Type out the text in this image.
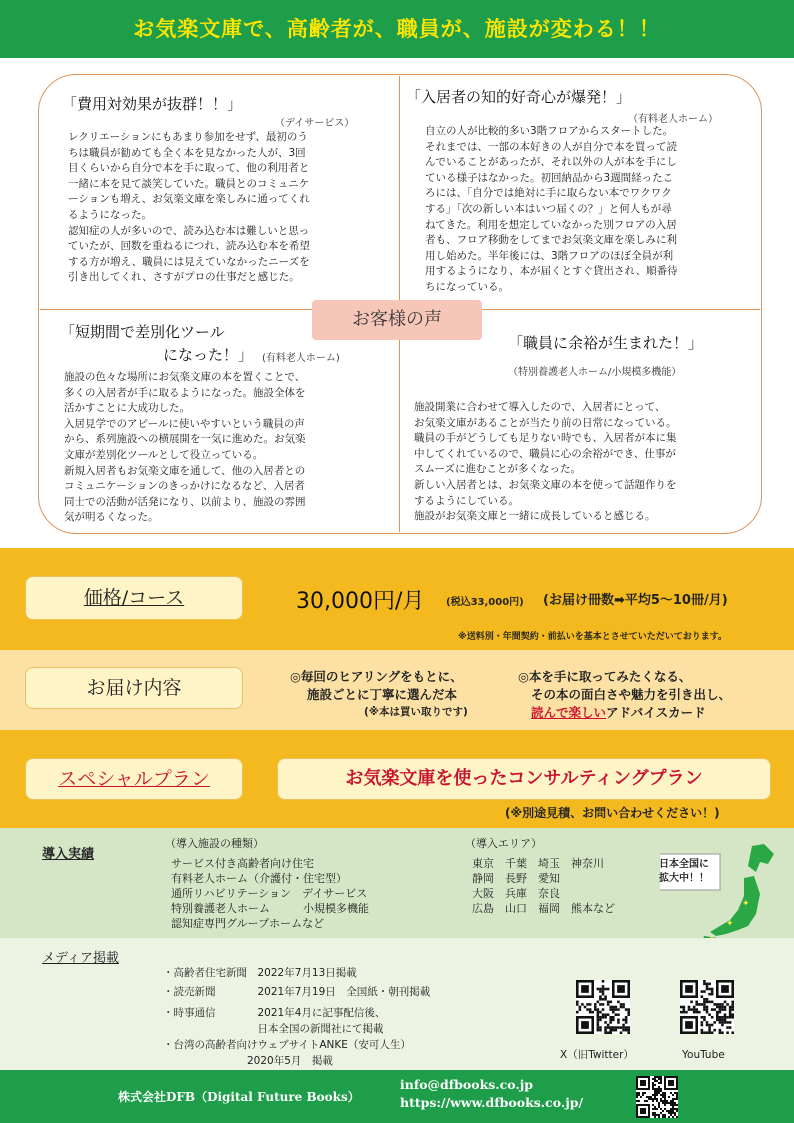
お気楽文庫で、高齢者が、職員が、施設が変わる！！
「費用対効果が抜群！！」
（デイサービス）
レクリエーションにもあまり参加をせず、最初のう
ちは職員が勧めても全く本を見なかった人が、3回
目くらいから自分で本を手に取って、他の利用者と
一緒に本を見て談笑していた。職員とのコミュニケ
ーションも増え、お気楽文庫を楽しみに通ってくれ
るようになった。
認知症の人が多いので、読み込む本は難しいと思っ
ていたが、回数を重ねるにつれ、読み込む本を希望
する方が増え、職員には見えていなかったニーズを
引き出してくれ、さすがプロの仕事だと感じた。
「入居者の知的好奇心が爆発！」
（有料老人ホーム）
自立の人が比較的多い3階フロアからスタートした。
それまでは、一部の本好きの人が自分で本を買って読
んでいることがあったが、それ以外の人が本を手にし
ている様子はなかった。初回納品から3週間経ったこ
ろには、「自分では絶対に手に取らない本でワクワク
する」「次の新しい本はいつ届くの？」と何人もが尋
ねてきた。利用を想定していなかった別フロアの入居
者も、フロア移動をしてまでお気楽文庫を楽しみに利
用し始めた。半年後には、3階フロアのほぼ全員が利
用するようになり、本が届くとすぐ貸出され、順番待
ちになっている。
お客様の声
「短期間で差別化ツール
になった！」 (有料老人ホーム)
施設の色々な場所にお気楽文庫の本を置くことで、
多くの入居者が手に取るようになった。施設全体を
活かすことに大成功した。
入居見学でのアピールに使いやすいという職員の声
から、系列施設への横展開を一気に進めた。お気楽
文庫が差別化ツールとして役立っている。
新規入居者もお気楽文庫を通して、他の入居者との
コミュニケーションのきっかけになるなど、入居者
同士での活動が活発になり、以前より、施設の雰囲
気が明るくなった。
「職員に余裕が生まれた！」
（特別養護老人ホーム/小規模多機能）
施設開業に合わせて導入したので、入居者にとって、
お気楽文庫があることが当たり前の日常になっている。
職員の手がどうしても足りない時でも、入居者が本に集
中してくれているので、職員に心の余裕ができ、仕事が
スムーズに進むことが多くなった。
新しい入居者とは、お気楽文庫の本を使って話題作りを
するようにしている。
施設がお気楽文庫と一緒に成長していると感じる。
価格/コース	30,000円/月 (税込33,000円) (お届け冊数➡平均5～10冊/月)
※送料別・年間契約・前払いを基本とさせていただいております。
お届け内容
◎毎回のヒアリングをもとに、
施設ごとに丁寧に選んだ本
(※本は買い取りです)
◎本を手に取ってみたくなる、
その本の面白さや魅力を引き出し、
読んで楽しいアドバイスカード
スペシャルプラン	お気楽文庫を使ったコンサルティングプラン
(※別途見積、お問い合わせください！)
導入実績
（導入施設の種類）
サービス付き高齢者向け住宅
有料老人ホーム（介護付・住宅型）
通所リハビリテーション　デイサービス
特別養護老人ホーム　　　小規模多機能
認知症専門グループホームなど
（導入エリア）
東京　千葉　埼玉　神奈川
静岡　長野　愛知
大阪　兵庫　奈良
広島　山口　福岡　熊本など	✦
✦
日本全国に
拡大中！！
メディア掲載
・高齢者住宅新聞　2022年7月13日掲載
・読売新聞　　　　2021年7月19日　全国紙・朝刊掲載
・時事通信　　　　2021年4月に記事配信後、
　　　　　　　　　日本全国の新聞社にて掲載
・台湾の高齢者向けウェブサイトANKE（安可人生）
　　　　　　　　2020年5月　掲載	X（旧Twitter）	YouTube
株式会社DFB（Digital Future Books）
info@dfbooks.co.jp
https://www.dfbooks.co.jp/
